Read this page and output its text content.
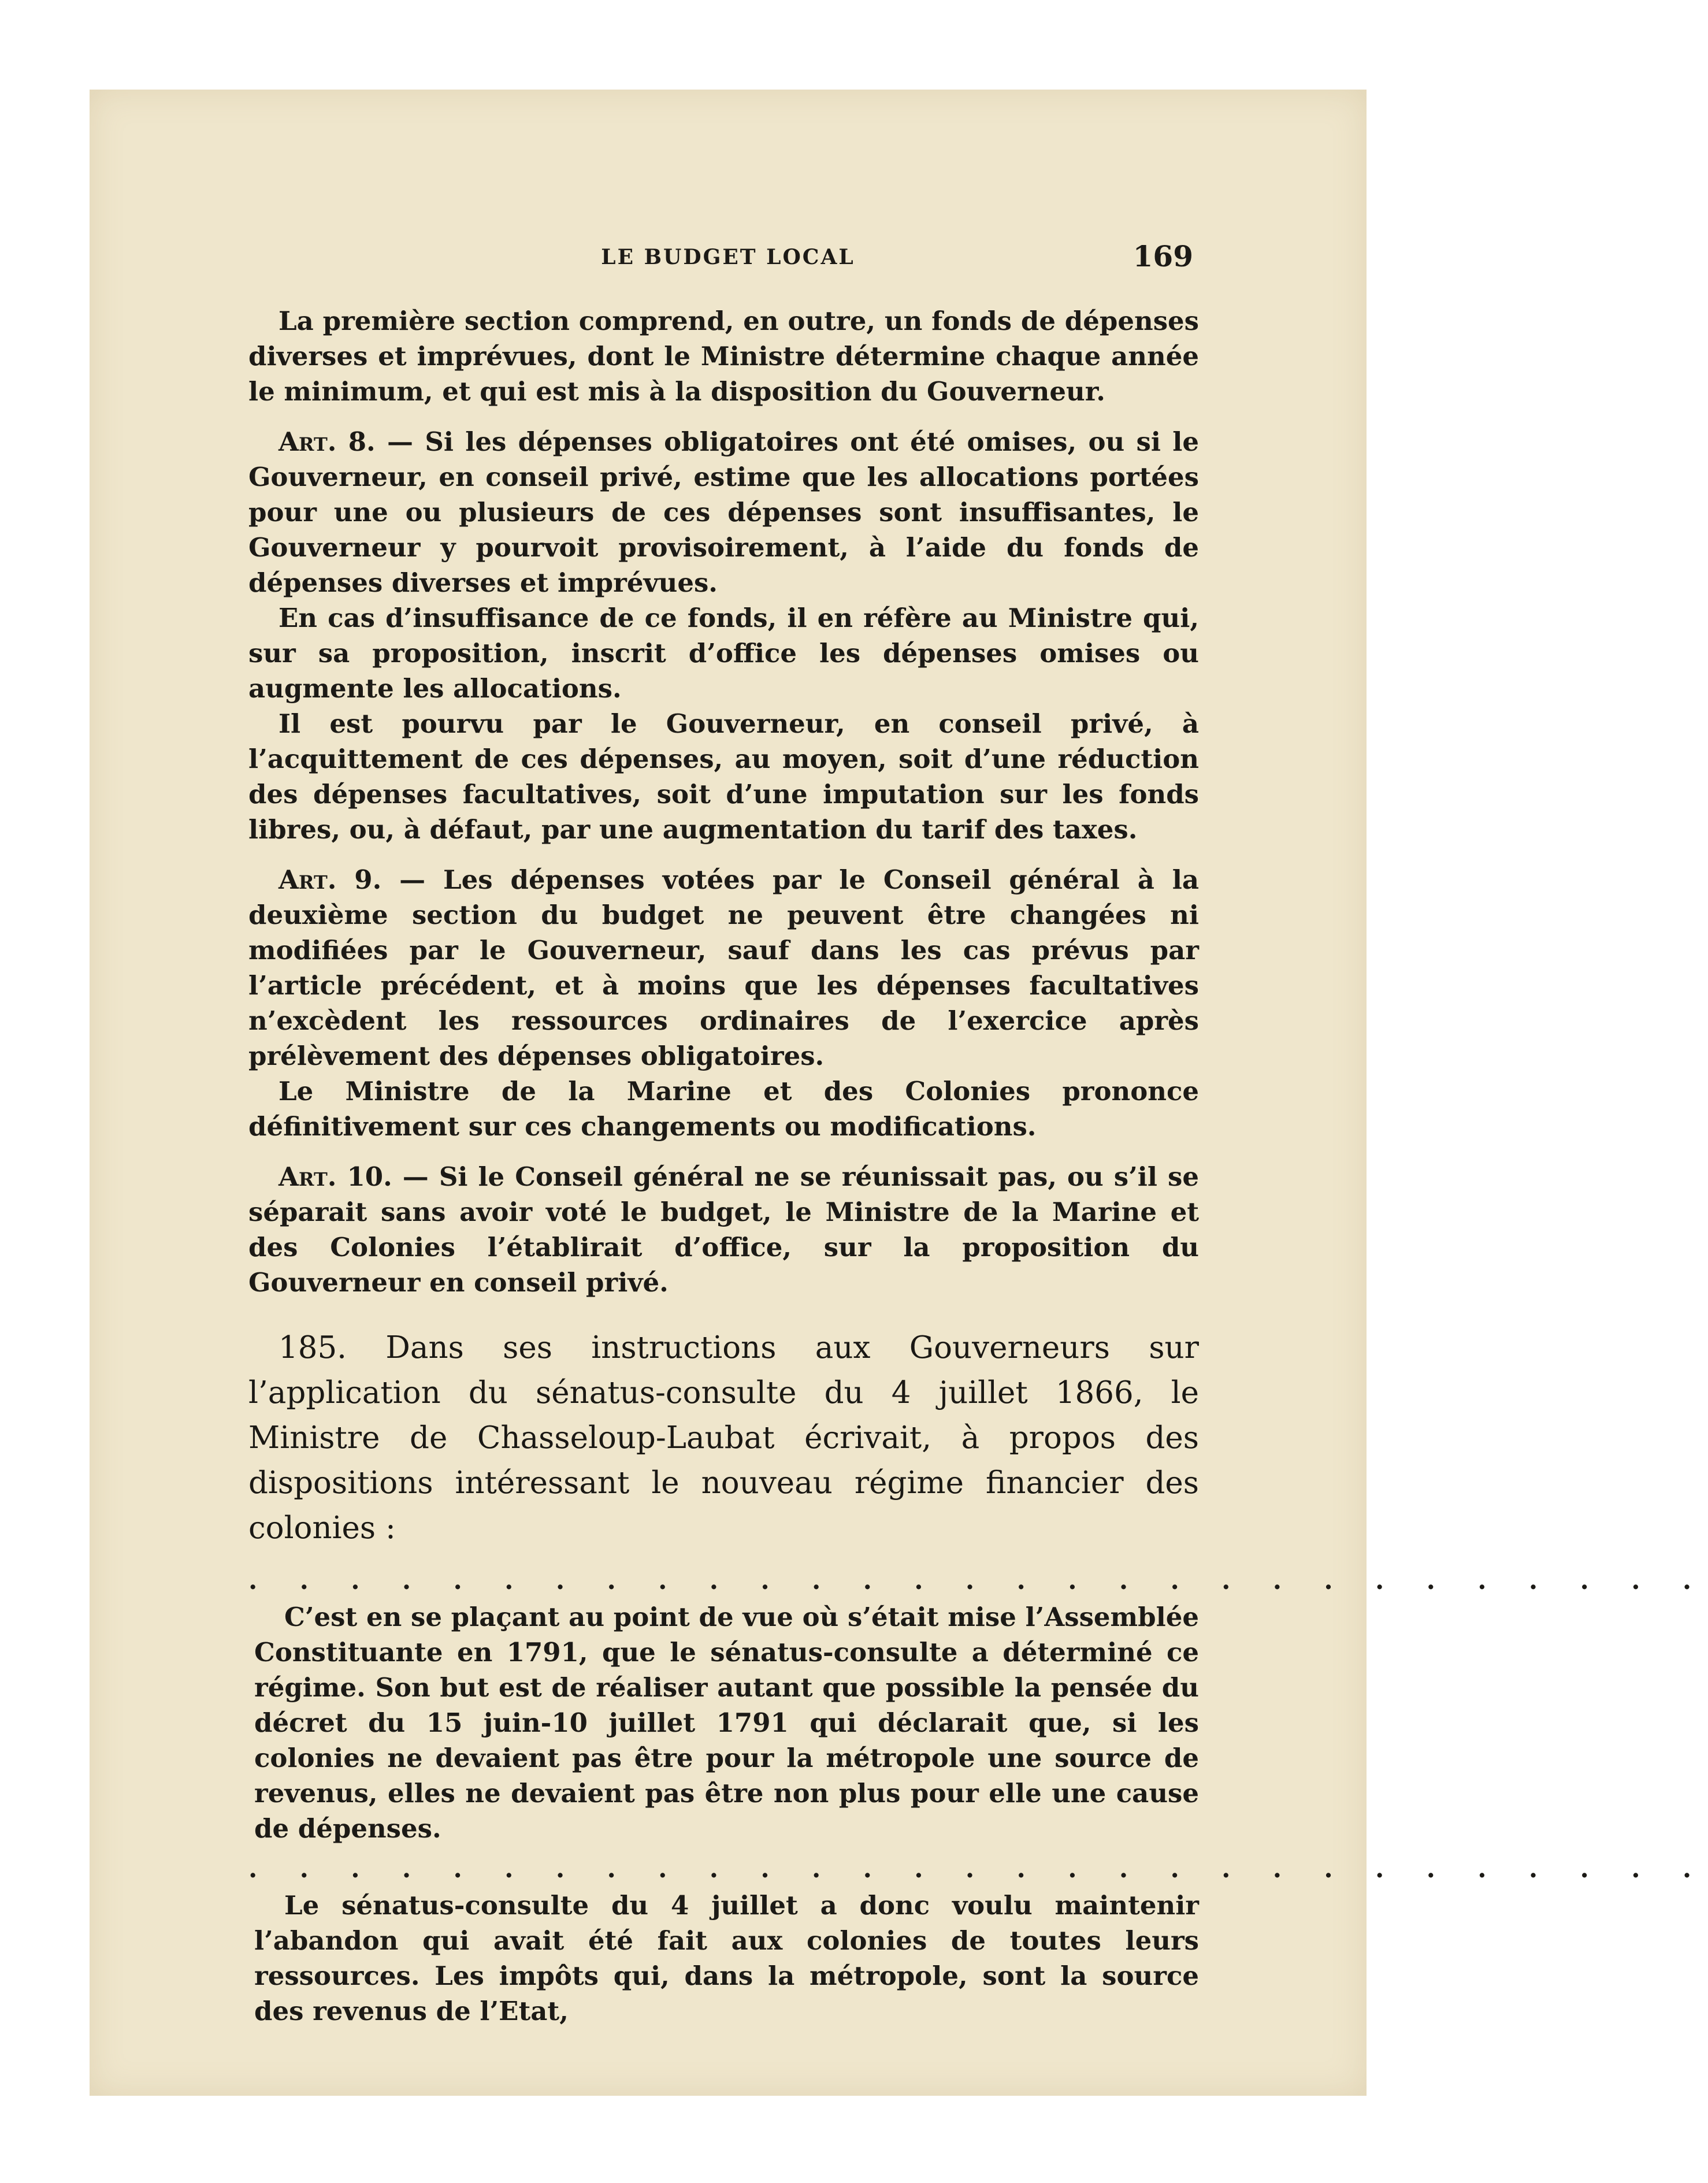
LE BUDGET LOCAL	169

La première section comprend, en outre, un fonds de dépenses diverses et imprévues, dont le Ministre détermine chaque année le minimum, et qui est mis à la disposition du Gouverneur.

Art. 8. — Si les dépenses obligatoires ont été omises, ou si le Gouverneur, en conseil privé, estime que les allocations portées pour une ou plusieurs de ces dépenses sont insuffisantes, le Gouverneur y pourvoit provisoirement, à l’aide du fonds de dépenses diverses et imprévues.

En cas d’insuffisance de ce fonds, il en réfère au Ministre qui, sur sa proposition, inscrit d’office les dépenses omises ou augmente les allocations.

Il est pourvu par le Gouverneur, en conseil privé, à l’acquittement de ces dépenses, au moyen, soit d’une réduction des dépenses facultatives, soit d’une imputation sur les fonds libres, ou, à défaut, par une augmentation du tarif des taxes.

Art. 9. — Les dépenses votées par le Conseil général à la deuxième section du budget ne peuvent être changées ni modifiées par le Gouverneur, sauf dans les cas prévus par l’article précédent, et à moins que les dépenses facultatives n’excèdent les ressources ordinaires de l’exercice après prélèvement des dépenses obligatoires.

Le Ministre de la Marine et des Colonies prononce définitivement sur ces changements ou modifications.

Art. 10. — Si le Conseil général ne se réunissait pas, ou s’il se séparait sans avoir voté le budget, le Ministre de la Marine et des Colonies l’établirait d’office, sur la proposition du Gouverneur en conseil privé.

185. Dans ses instructions aux Gouverneurs sur l’application du sénatus-consulte du 4 juillet 1866, le Ministre de Chasseloup-Laubat écrivait, à propos des dispositions intéressant le nouveau régime financier des colonies :

. . . . . . . . . . . . . . . . . . . . . . . . . . . . .

C’est en se plaçant au point de vue où s’était mise l’Assemblée Constituante en 1791, que le sénatus-consulte a déterminé ce régime. Son but est de réaliser autant que possible la pensée du décret du 15 juin-10 juillet 1791 qui déclarait que, si les colonies ne devaient pas être pour la métropole une source de revenus, elles ne devaient pas être non plus pour elle une cause de dépenses.

. . . . . . . . . . . . . . . . . . . . . . . . . . . . .

Le sénatus-consulte du 4 juillet a donc voulu maintenir l’abandon qui avait été fait aux colonies de toutes leurs ressources. Les impôts qui, dans la métropole, sont la source des revenus de l’Etat,
